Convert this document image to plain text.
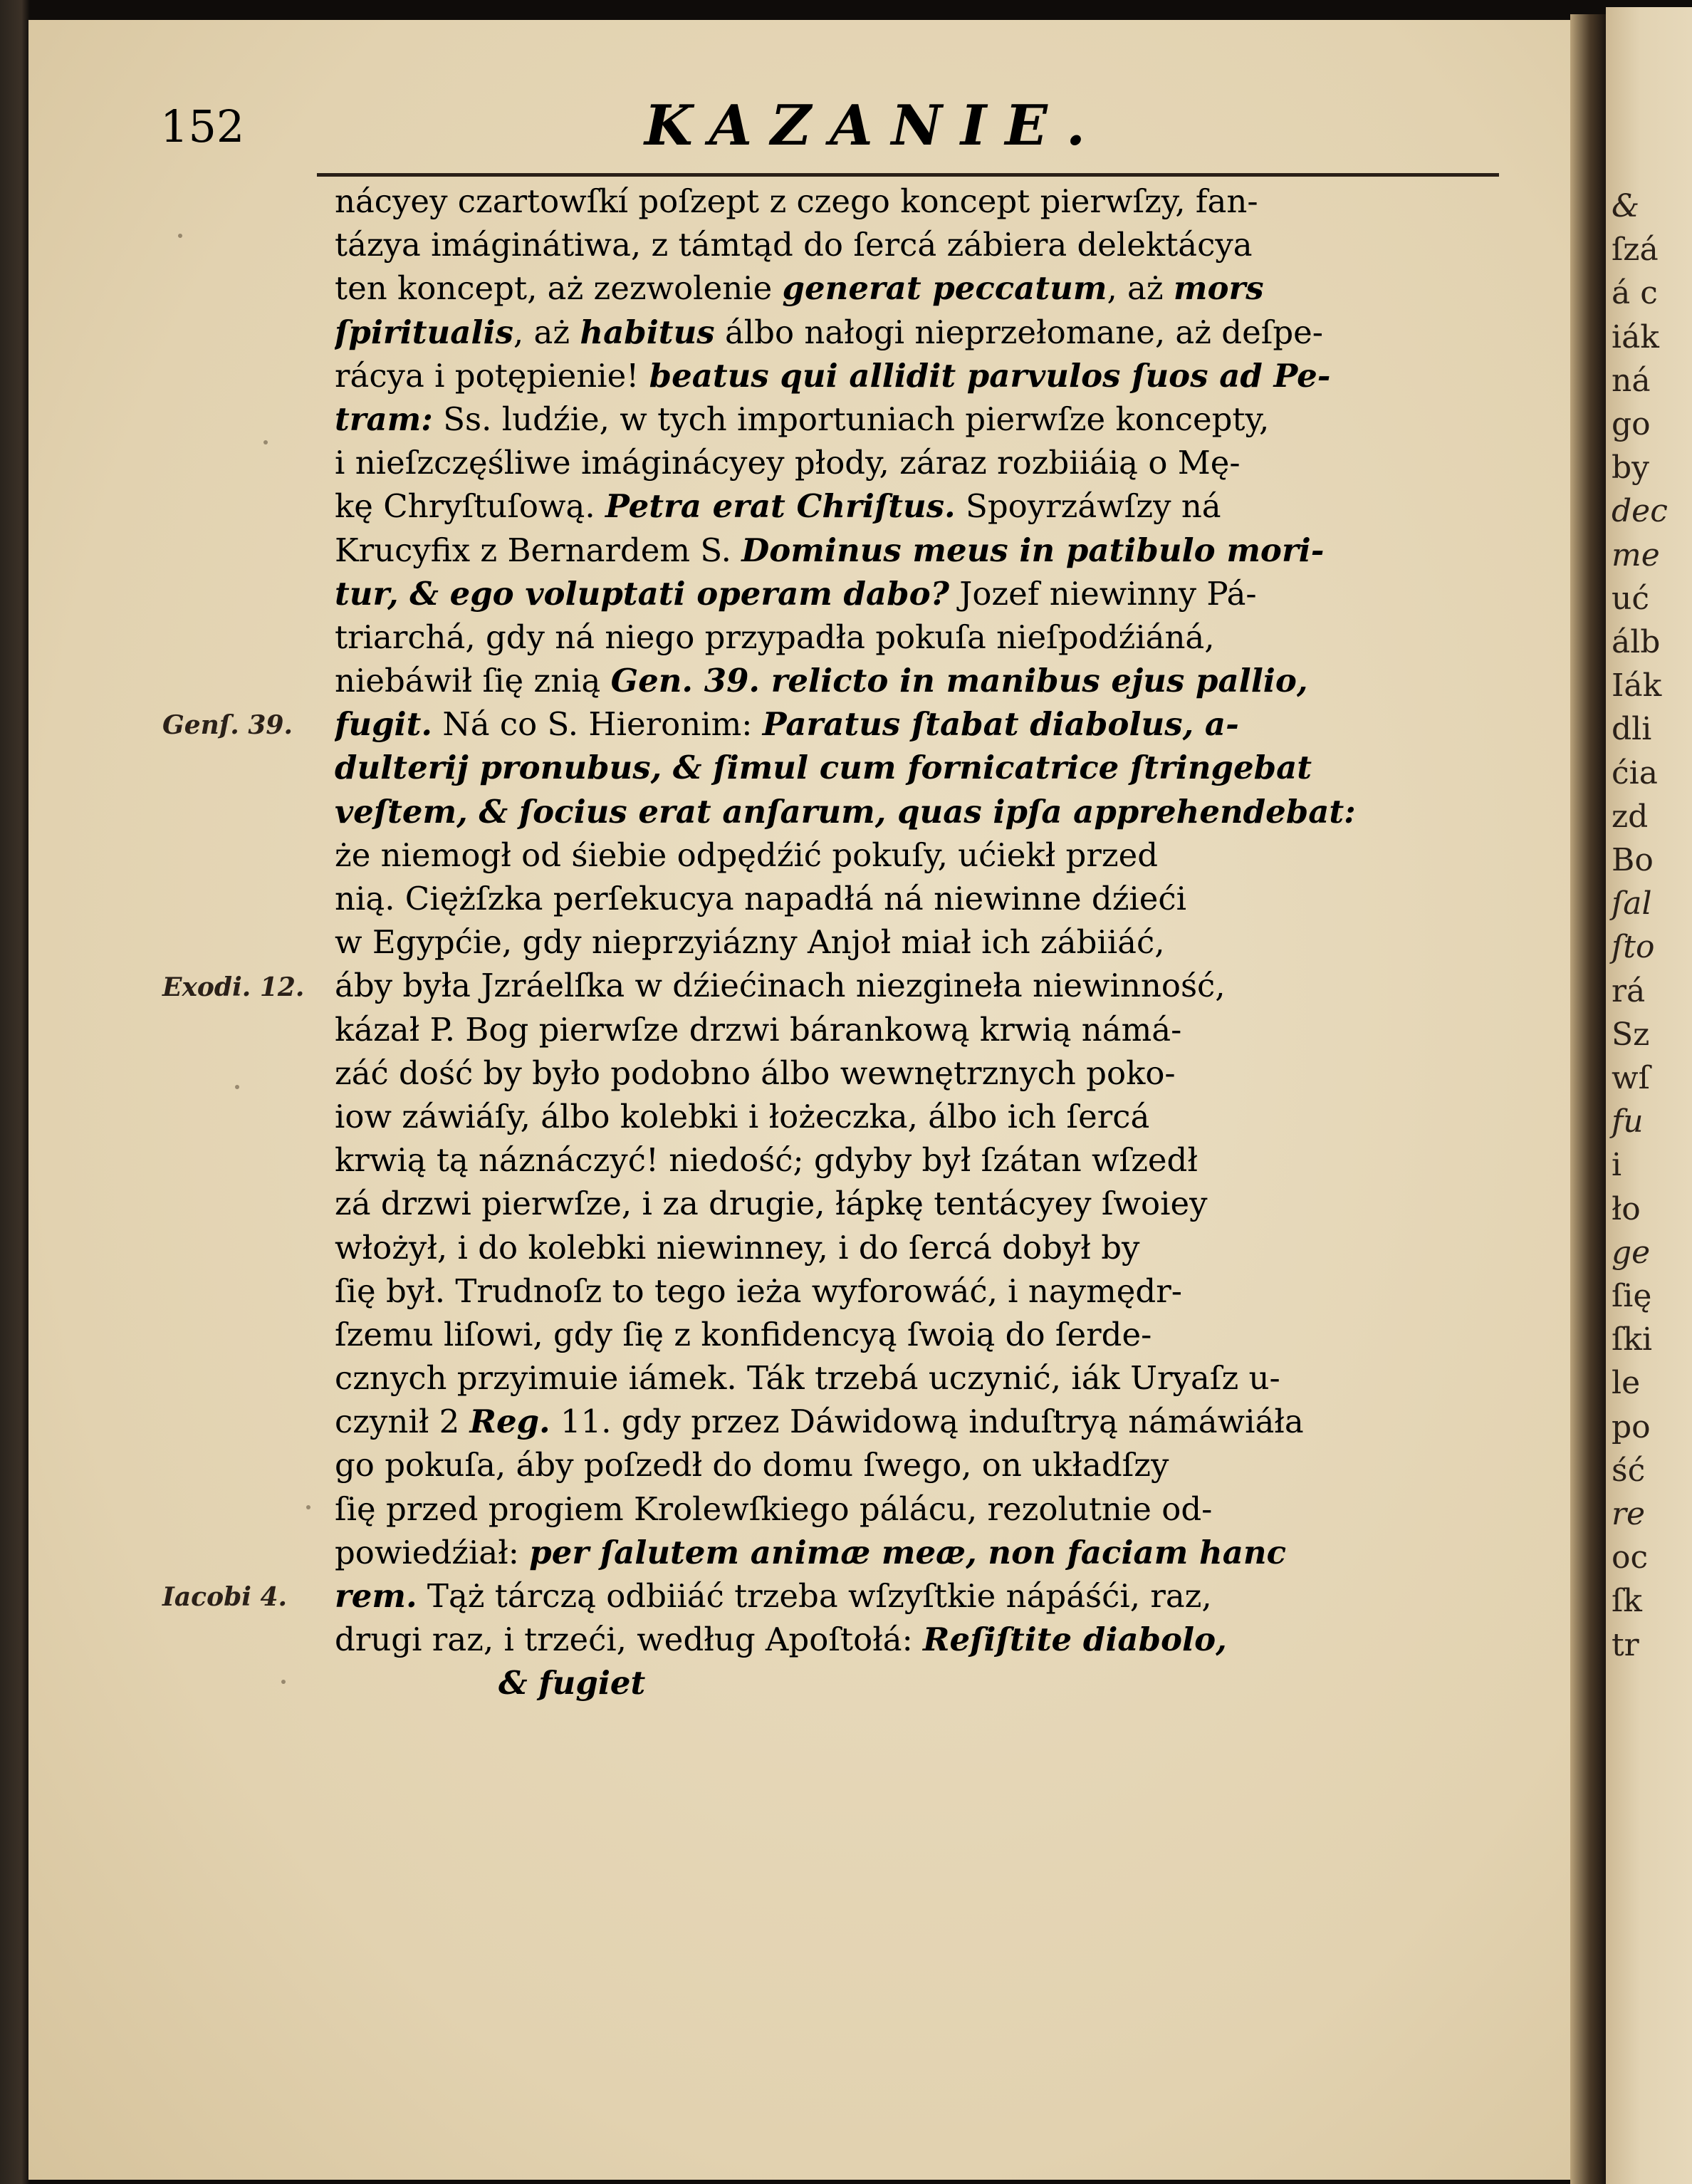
152	KAZANIE.
nácyey czartowſkí poſzept z czego koncept pierwſzy, fan-
tázya imáginátiwa, z támtąd do ſercá zábiera delektácya
ten koncept, aż zezwolenie generat peccatum, aż mors
ſpiritualis, aż habitus álbo nałogi nieprzełomane, aż deſpe-
rácya i potępienie! beatus qui allidit parvulos ſuos ad Pe-
tram: Ss. ludźie, w tych importuniach pierwſze koncepty,
i nieſzczęśliwe imáginácyey płody, záraz rozbiiáią o Mę-
kę Chryſtuſową. Petra erat Chriſtus. Spoyrzáwſzy ná
Krucyfix z Bernardem S. Dominus meus in patibulo mori-
tur, & ego voluptati operam dabo? Jozef niewinny Pá-
triarchá, gdy ná niego przypadła pokuſa nieſpodźiáná,
niebáwił ſię znią Gen. 39. relicto in manibus ejus pallio,
fugit. Ná co S. Hieronim: Paratus ſtabat diabolus, a-
dulterij pronubus, & ſimul cum fornicatrice ſtringebat
veſtem, & ſocius erat anſarum, quas ipſa apprehendebat:
że niemogł od śiebie odpędźić pokuſy, ućiekł przed
nią. Ciężſzka perſekucya napadłá ná niewinne dźieći
w Egypćie, gdy nieprzyiázny Anjoł miał ich zábiiáć,
áby była Jzráelſka w dźiećinach niezgineła niewinność,
kázał P. Bog pierwſze drzwi bárankową krwią námá-
záć dość by było podobno álbo wewnętrznych poko-
iow záwiáſy, álbo kolebki i łożeczka, álbo ich ſercá
krwią tą náznáczyć! niedość; gdyby był ſzátan wſzedł
zá drzwi pierwſze, i za drugie, łápkę tentácyey ſwoiey
włożył, i do kolebki niewinney, i do ſercá dobył by
ſię był. Trudnoſz to tego ieża wyforowáć, i naymędr-
ſzemu liſowi, gdy ſię z konfidencyą ſwoią do ſerde-
cznych przyimuie iámek. Ták trzebá uczynić, iák Uryaſz u-
czynił 2 Reg. 11. gdy przez Dáwidową induſtryą námáwiáła
go pokuſa, áby poſzedł do domu ſwego, on układſzy
ſię przed progiem Krolewſkiego pálácu, rezolutnie od-
powiedźiał: per ſalutem animæ meæ, non faciam hanc
rem. Tąż tárczą odbiiáć trzeba wſzyſtkie nápáśći, raz,
drugi raz, i trzeći, według Apoſtołá: Reſiſtite diabolo,
& fugiet
Genſ. 39.
Exodi. 12.
Iacobi 4.
&
ſzá
á c
iák
ná
go
by
dec
me
uć
álb
Iák
dli
ćia
zd
Bo
ſal
ſto
rá
Sz
wſ
fu
i
ło
ge
ſię
ſki
le
po
ść
re
oc
ſk
tr
